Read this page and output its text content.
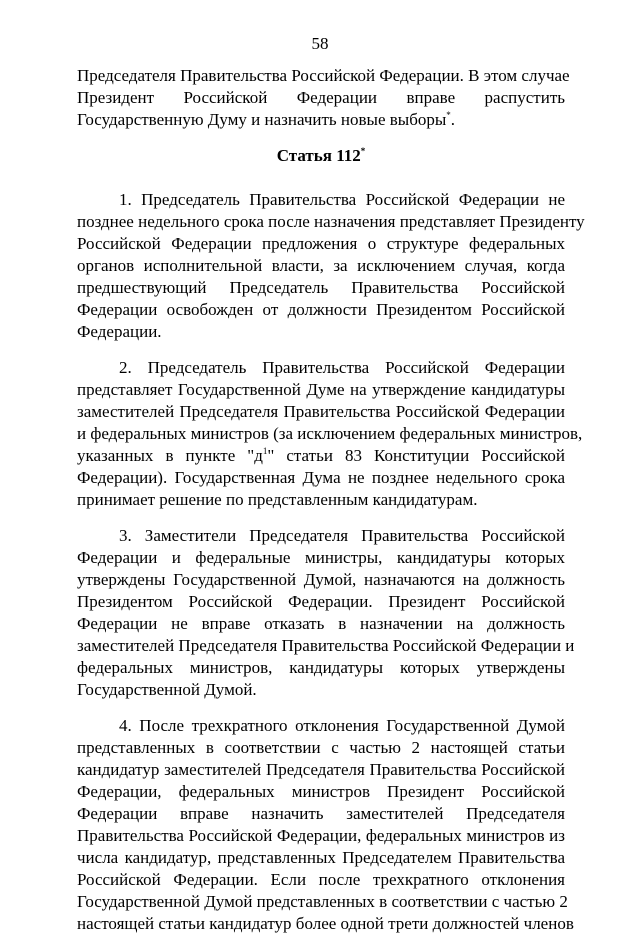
58
Председателя Правительства Российской Федерации. В этом случае
Президент Российской Федерации вправе распустить
Государственную Думу и назначить новые выборы*.
Статья 112*
1. Председатель Правительства Российской Федерации не
позднее недельного срока после назначения представляет Президенту
Российской Федерации предложения о структуре федеральных
органов исполнительной власти, за исключением случая, когда
предшествующий Председатель Правительства Российской
Федерации освобожден от должности Президентом Российской
Федерации.
2. Председатель Правительства Российской Федерации
представляет Государственной Думе на утверждение кандидатуры
заместителей Председателя Правительства Российской Федерации
и федеральных министров (за исключением федеральных министров,
указанных в пункте "$д^1$" статьи 83 Конституции Российской
Федерации). Государственная Дума не позднее недельного срока
принимает решение по представленным кандидатурам.
3. Заместители Председателя Правительства Российской
Федерации и федеральные министры, кандидатуры которых
утверждены Государственной Думой, назначаются на должность
Президентом Российской Федерации. Президент Российской
Федерации не вправе отказать в назначении на должность
заместителей Председателя Правительства Российской Федерации и
федеральных министров, кандидатуры которых утверждены
Государственной Думой.
4. После трехкратного отклонения Государственной Думой
представленных в соответствии с частью 2 настоящей статьи
кандидатур заместителей Председателя Правительства Российской
Федерации, федеральных министров Президент Российской
Федерации вправе назначить заместителей Председателя
Правительства Российской Федерации, федеральных министров из
числа кандидатур, представленных Председателем Правительства
Российской Федерации. Если после трехкратного отклонения
Государственной Думой представленных в соответствии с частью 2
настоящей статьи кандидатур более одной трети должностей членов
